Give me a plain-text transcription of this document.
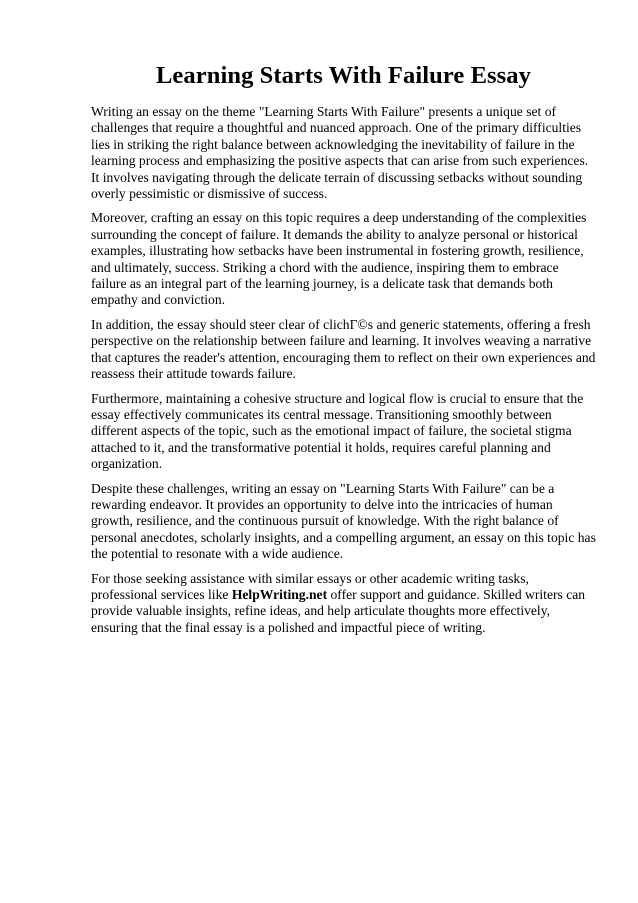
Learning Starts With Failure Essay

Writing an essay on the theme "Learning Starts With Failure" presents a unique set of challenges that require a thoughtful and nuanced approach. One of the primary difficulties lies in striking the right balance between acknowledging the inevitability of failure in the learning process and emphasizing the positive aspects that can arise from such experiences. It involves navigating through the delicate terrain of discussing setbacks without sounding overly pessimistic or dismissive of success.

Moreover, crafting an essay on this topic requires a deep understanding of the complexities surrounding the concept of failure. It demands the ability to analyze personal or historical examples, illustrating how setbacks have been instrumental in fostering growth, resilience, and ultimately, success. Striking a chord with the audience, inspiring them to embrace failure as an integral part of the learning journey, is a delicate task that demands both empathy and conviction.

In addition, the essay should steer clear of clichГ©s and generic statements, offering a fresh perspective on the relationship between failure and learning. It involves weaving a narrative that captures the reader's attention, encouraging them to reflect on their own experiences and reassess their attitude towards failure.

Furthermore, maintaining a cohesive structure and logical flow is crucial to ensure that the essay effectively communicates its central message. Transitioning smoothly between different aspects of the topic, such as the emotional impact of failure, the societal stigma attached to it, and the transformative potential it holds, requires careful planning and organization.

Despite these challenges, writing an essay on "Learning Starts With Failure" can be a rewarding endeavor. It provides an opportunity to delve into the intricacies of human growth, resilience, and the continuous pursuit of knowledge. With the right balance of personal anecdotes, scholarly insights, and a compelling argument, an essay on this topic has the potential to resonate with a wide audience.

For those seeking assistance with similar essays or other academic writing tasks, professional services like HelpWriting.net offer support and guidance. Skilled writers can provide valuable insights, refine ideas, and help articulate thoughts more effectively, ensuring that the final essay is a polished and impactful piece of writing.
